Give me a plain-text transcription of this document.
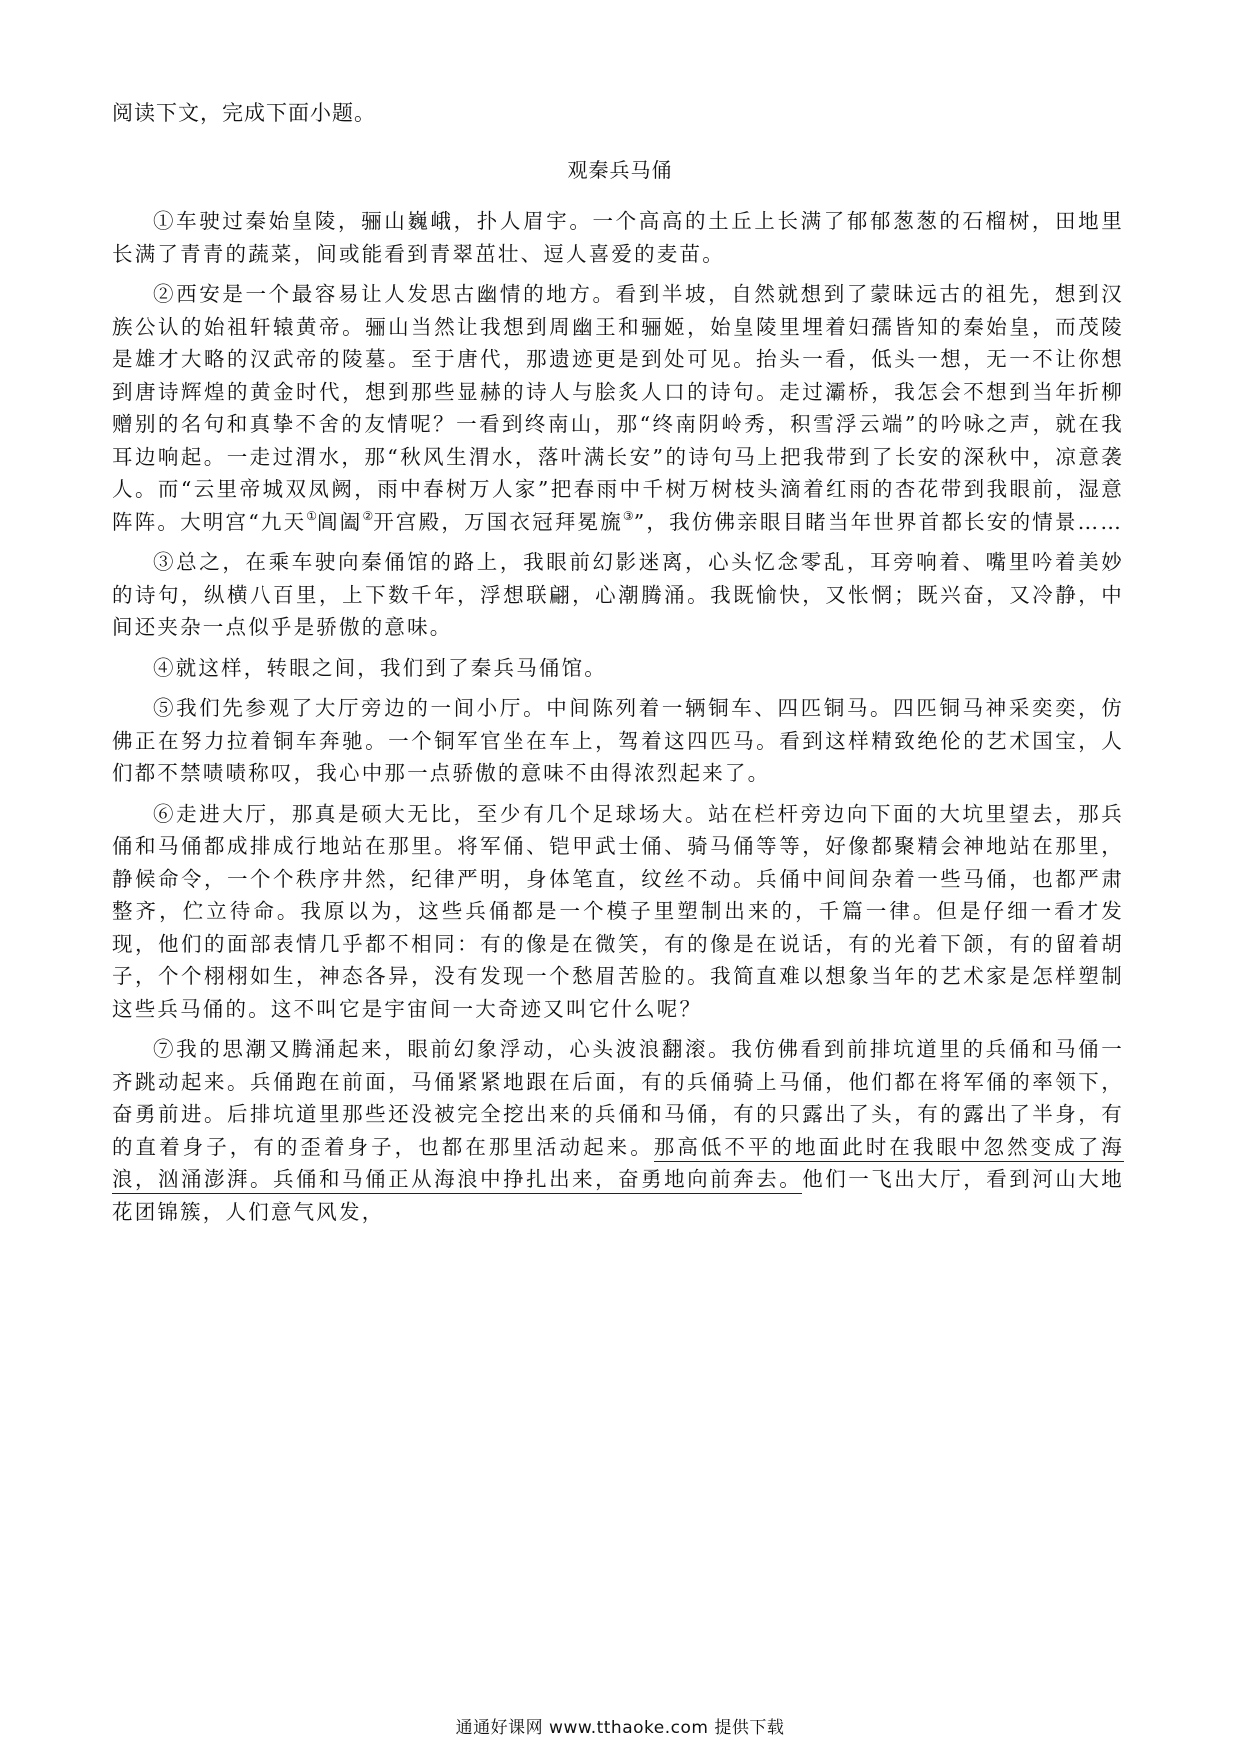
阅读下文，完成下面小题。
观秦兵马俑

①车驶过秦始皇陵，骊山巍峨，扑人眉宇。一个高高的土丘上长满了郁郁葱葱的石榴树，田地里长满了青青的蔬菜，间或能看到青翠茁壮、逗人喜爱的麦苗。

②西安是一个最容易让人发思古幽情的地方。看到半坡，自然就想到了蒙昧远古的祖先，想到汉族公认的始祖轩辕黄帝。骊山当然让我想到周幽王和骊姬，始皇陵里埋着妇孺皆知的秦始皇，而茂陵是雄才大略的汉武帝的陵墓。至于唐代，那遗迹更是到处可见。抬头一看，低头一想，无一不让你想到唐诗辉煌的黄金时代，想到那些显赫的诗人与脍炙人口的诗句。走过灞桥，我怎会不想到当年折柳赠别的名句和真挚不舍的友情呢？一看到终南山，那“终南阴岭秀，积雪浮云端”的吟咏之声，就在我耳边响起。一走过渭水，那“秋风生渭水，落叶满长安”的诗句马上把我带到了长安的深秋中，凉意袭人。而“云里帝城双凤阙，雨中春树万人家”把春雨中千树万树枝头滴着红雨的杏花带到我眼前，湿意阵阵。大明宫“九天①阊阖②开宫殿，万国衣冠拜冕旒③”，我仿佛亲眼目睹当年世界首都长安的情景……

③总之，在乘车驶向秦俑馆的路上，我眼前幻影迷离，心头忆念零乱，耳旁响着、嘴里吟着美妙的诗句，纵横八百里，上下数千年，浮想联翩，心潮腾涌。我既愉快，又怅惘；既兴奋，又冷静，中间还夹杂一点似乎是骄傲的意味。

④就这样，转眼之间，我们到了秦兵马俑馆。

⑤我们先参观了大厅旁边的一间小厅。中间陈列着一辆铜车、四匹铜马。四匹铜马神采奕奕，仿佛正在努力拉着铜车奔驰。一个铜军官坐在车上，驾着这四匹马。看到这样精致绝伦的艺术国宝，人们都不禁啧啧称叹，我心中那一点骄傲的意味不由得浓烈起来了。

⑥走进大厅，那真是硕大无比，至少有几个足球场大。站在栏杆旁边向下面的大坑里望去，那兵俑和马俑都成排成行地站在那里。将军俑、铠甲武士俑、骑马俑等等，好像都聚精会神地站在那里，静候命令，一个个秩序井然，纪律严明，身体笔直，纹丝不动。兵俑中间间杂着一些马俑，也都严肃整齐，伫立待命。我原以为，这些兵俑都是一个模子里塑制出来的，千篇一律。但是仔细一看才发现，他们的面部表情几乎都不相同：有的像是在微笑，有的像是在说话，有的光着下颌，有的留着胡子，个个栩栩如生，神态各异，没有发现一个愁眉苦脸的。我简直难以想象当年的艺术家是怎样塑制这些兵马俑的。这不叫它是宇宙间一大奇迹又叫它什么呢？

⑦我的思潮又腾涌起来，眼前幻象浮动，心头波浪翻滚。我仿佛看到前排坑道里的兵俑和马俑一齐跳动起来。兵俑跑在前面，马俑紧紧地跟在后面，有的兵俑骑上马俑，他们都在将军俑的率领下，奋勇前进。后排坑道里那些还没被完全挖出来的兵俑和马俑，有的只露出了头，有的露出了半身，有的直着身子，有的歪着身子，也都在那里活动起来。那高低不平的地面此时在我眼中忽然变成了海浪，汹涌澎湃。兵俑和马俑正从海浪中挣扎出来，奋勇地向前奔去。他们一飞出大厅，看到河山大地花团锦簇，人们意气风发，

通通好课网 www.tthaoke.com 提供下载
